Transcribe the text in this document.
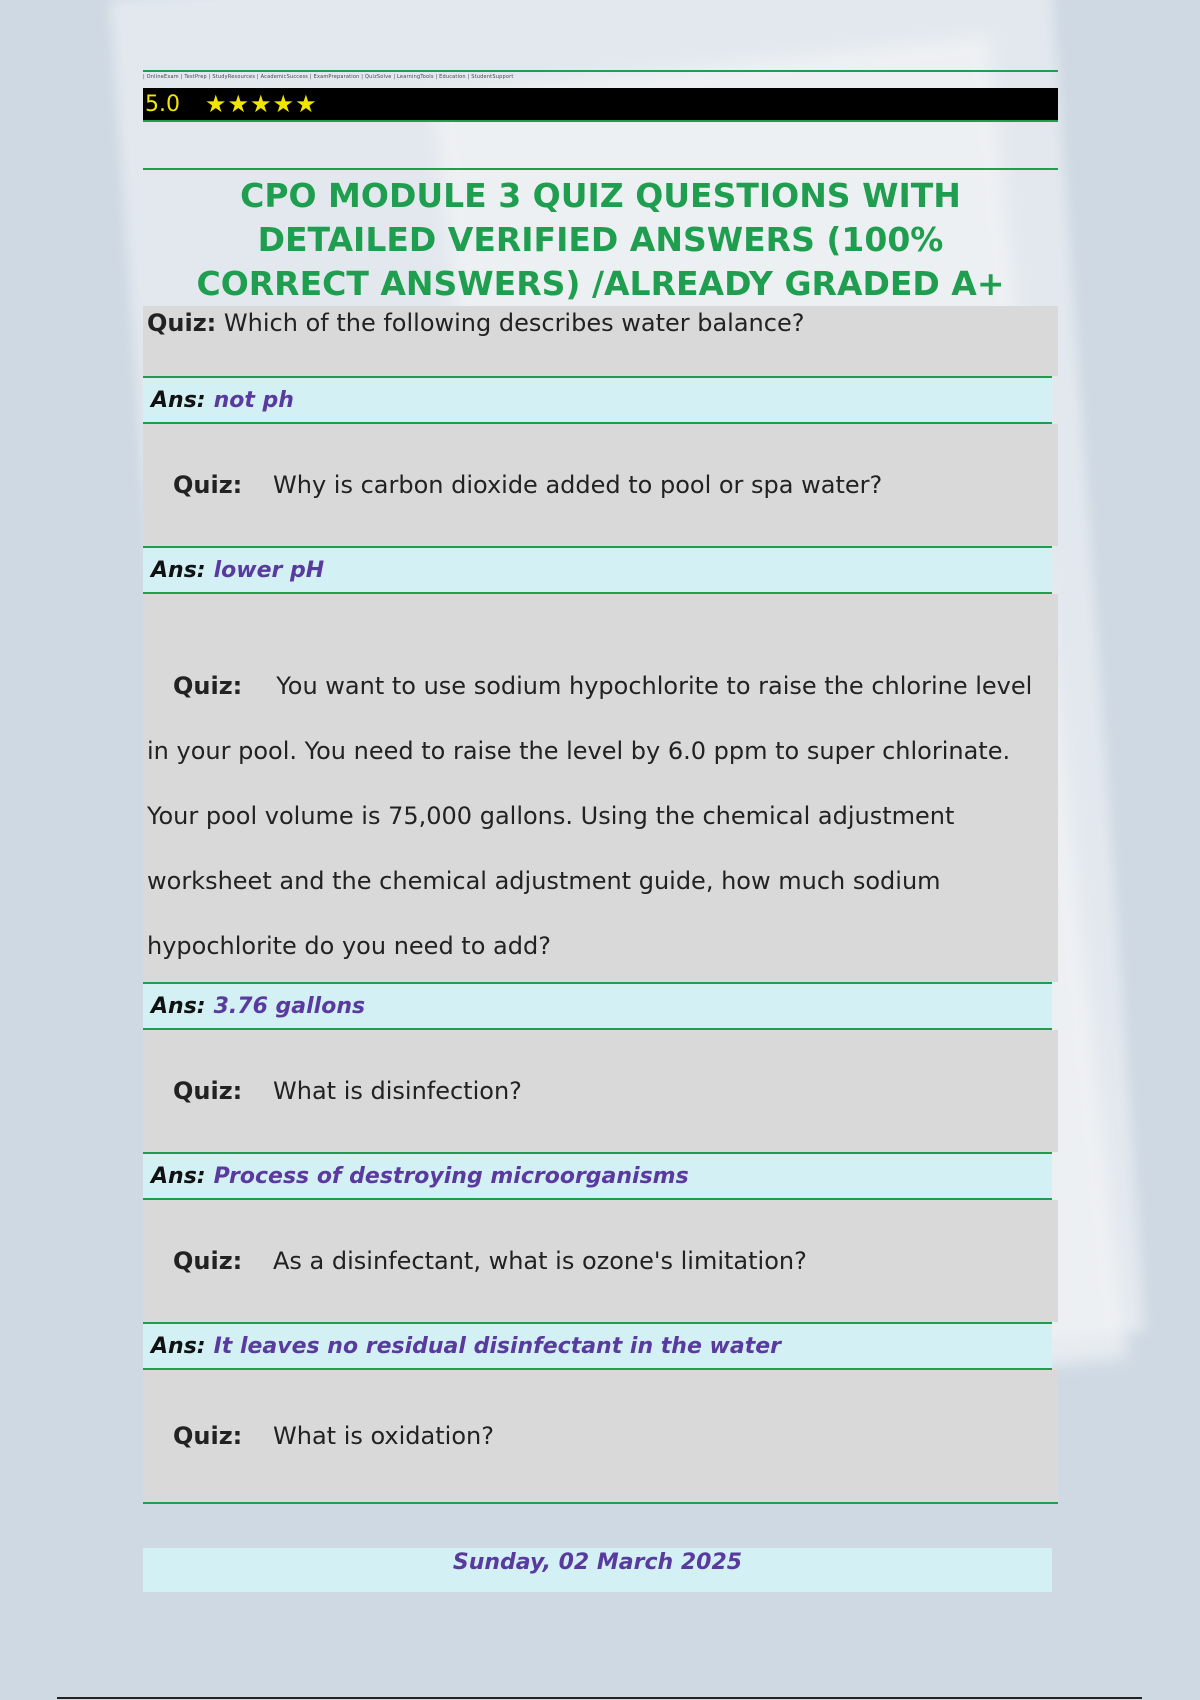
| OnlineExam | TestPrep | StudyResources | AcademicSuccess | ExamPreparation | QuizSolve | LearningTools | Education | StudentSupport
5.0	★★★★★
CPO MODULE 3 QUIZ QUESTIONS WITH DETAILED VERIFIED ANSWERS (100% CORRECT ANSWERS) /ALREADY GRADED A+
Quiz: Which of the following describes water balance?
Ans: not ph
Quiz:	Why is carbon dioxide added to pool or spa water?
Ans: lower pH
Quiz: You want to use sodium hypochlorite to raise the chlorine level in your pool. You need to raise the level by 6.0 ppm to super chlorinate. Your pool volume is 75,000 gallons. Using the chemical adjustment worksheet and the chemical adjustment guide, how much sodium hypochlorite do you need to add?
Ans: 3.76 gallons
Quiz:	What is disinfection?
Ans: Process of destroying microorganisms
Quiz:	As a disinfectant, what is ozone's limitation?
Ans: It leaves no residual disinfectant in the water
Quiz:	What is oxidation?
Sunday, 02 March 2025
